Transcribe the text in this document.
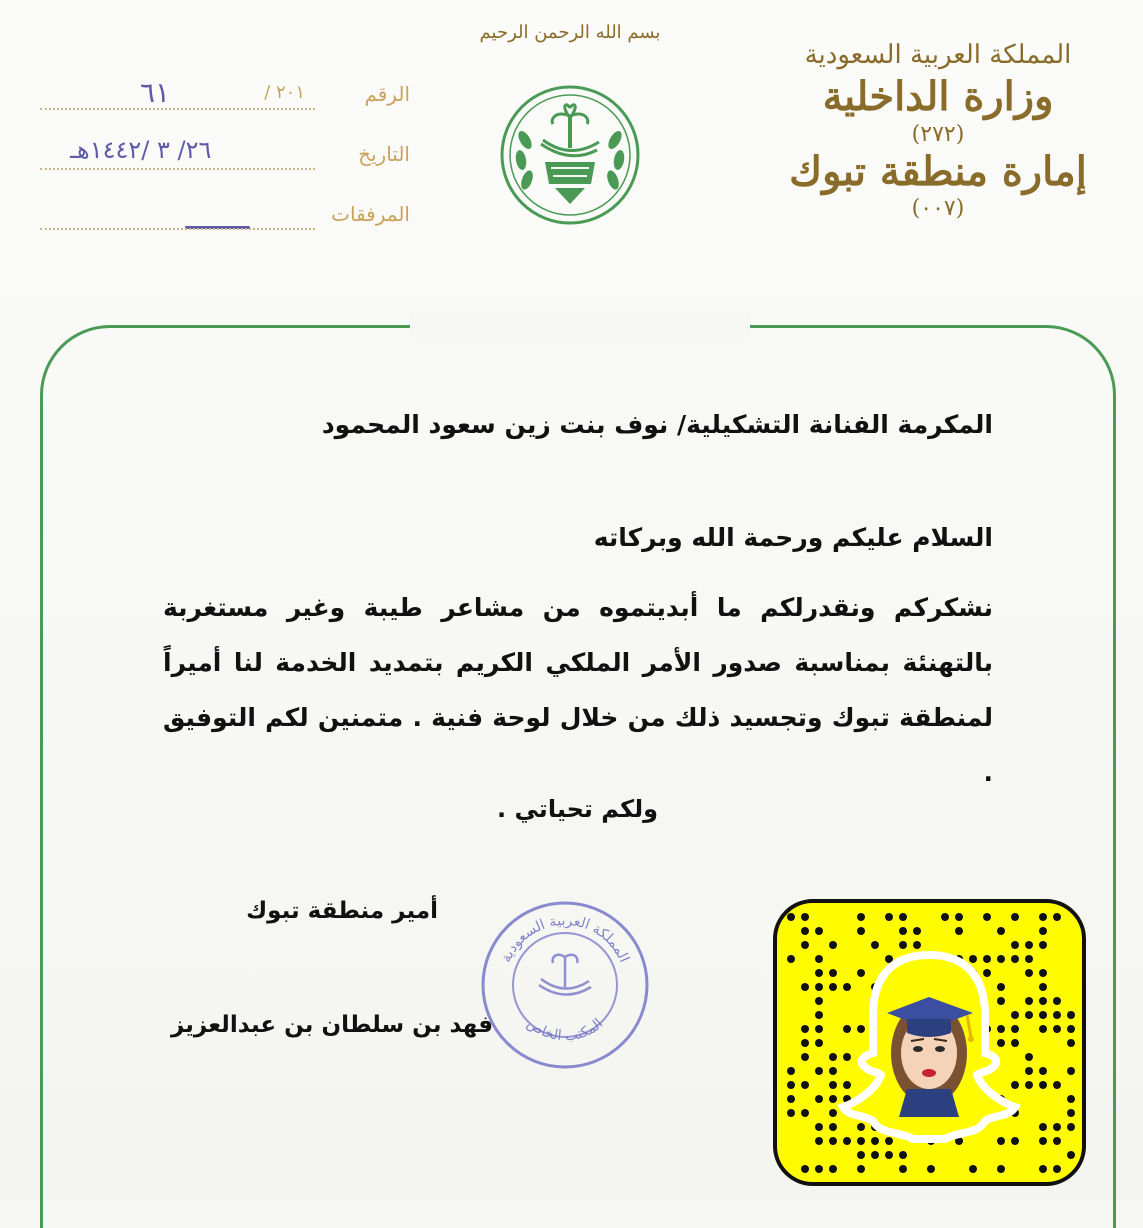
المملكة العربية السعودية
وزارة الداخلية
(٢٧٢)
إمارة منطقة تبوك
(٠٠٧)
بسم الله الرحمن الرحيم
الرقم
٢٠١ /
٦١
التاريخ
٢٦/ ٣ /١٤٤٢هـ
المرفقات
المكرمة الفنانة التشكيلية/ نوف بنت زين سعود المحمود
السلام عليكم ورحمة الله وبركاته
نشكركم ونقدرلكم ما أبديتموه من مشاعر طيبة وغير مستغربة بالتهنئة بمناسبة صدور الأمر الملكي الكريم بتمديد الخدمة لنا أميراً لمنطقة تبوك وتجسيد ذلك من خلال لوحة فنية . متمنين لكم التوفيق .
ولكم تحياتي .
أمير منطقة تبوك
فهد بن سلطان بن عبدالعزيز
المملكة العربية السعودية
المكتب الخاص
